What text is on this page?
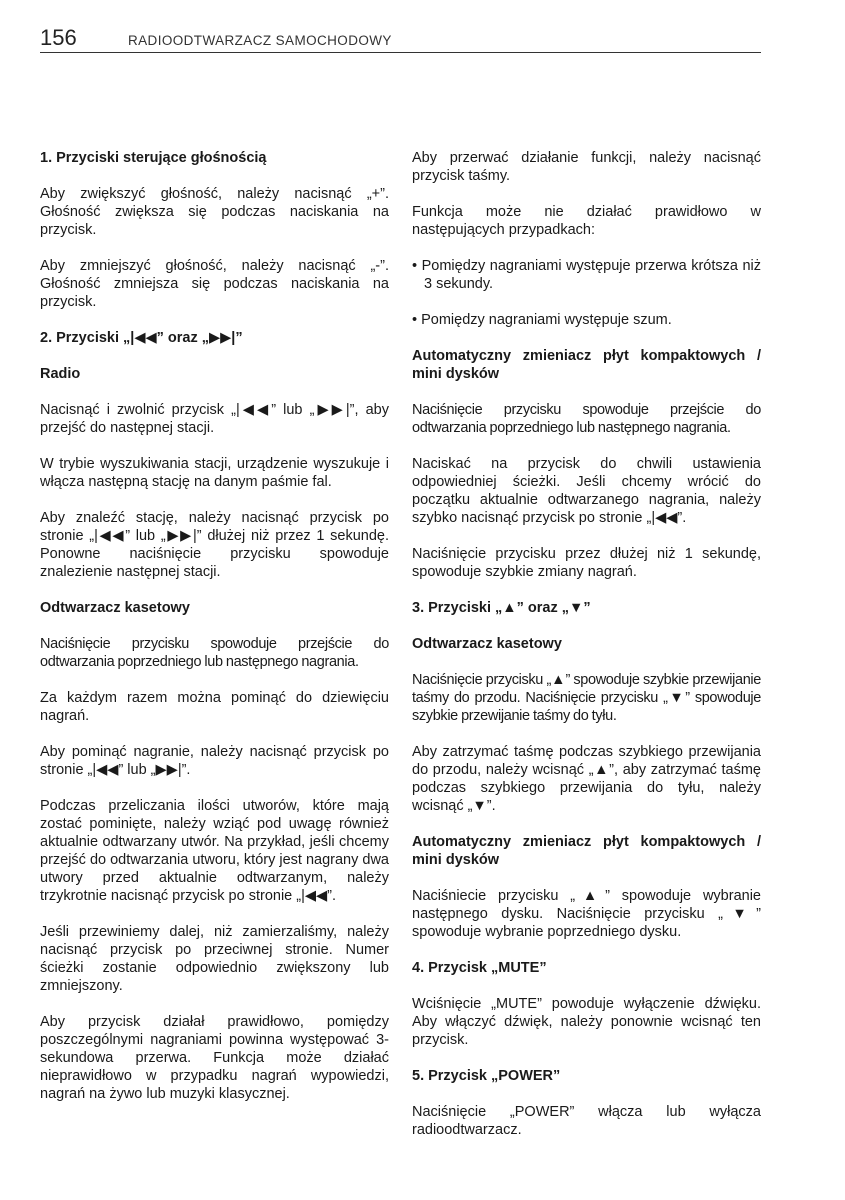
156	RADIOODTWARZACZ SAMOCHODOWY
1. Przyciski sterujące głośnością

Aby zwiększyć głośność, należy nacisnąć „+”. Głośność zwiększa się podczas naciskania na przycisk.

Aby zmniejszyć głośność, należy nacisnąć „-”. Głośność zmniejsza się podczas naciskania na przycisk.

2. Przyciski „|◀◀” oraz „▶▶|”
Radio

Nacisnąć i zwolnić przycisk „|◀◀” lub „▶▶|”, aby przejść do następnej stacji.

W trybie wyszukiwania stacji, urządzenie wyszukuje i włącza następną stację na danym paśmie fal.

Aby znaleźć stację, należy nacisnąć przycisk po stronie „|◀◀” lub „▶▶|” dłużej niż przez 1 sekundę. Ponowne naciśnięcie przycisku spowoduje znalezienie następnej stacji.

Odtwarzacz kasetowy

Naciśnięcie przycisku spowoduje przejście do odtwarzania poprzedniego lub następnego nagrania.

Za każdym razem można pominąć do dziewięciu nagrań.

Aby pominąć nagranie, należy nacisnąć przycisk po stronie „|◀◀” lub „▶▶|”.

Podczas przeliczania ilości utworów, które mają zostać pominięte, należy wziąć pod uwagę również aktualnie odtwarzany utwór. Na przykład, jeśli chcemy przejść do odtwarzania utworu, który jest nagrany dwa utwory przed aktualnie odtwarzanym, należy trzykrotnie nacisnąć przycisk po stronie „|◀◀”.

Jeśli przewiniemy dalej, niż zamierzaliśmy, należy nacisnąć przycisk po przeciwnej stronie. Numer ścieżki zostanie odpowiednio zwiększony lub zmniejszony.

Aby przycisk działał prawidłowo, pomiędzy poszczególnymi nagraniami powinna występować 3-sekundowa przerwa. Funkcja może działać nieprawidłowo w przypadku nagrań wypowiedzi, nagrań na żywo lub muzyki klasycznej.

Aby przerwać działanie funkcji, należy nacisnąć przycisk taśmy.

Funkcja może nie działać prawidłowo w następujących przypadkach:

• Pomiędzy nagraniami występuje przerwa krótsza niż 3 sekundy.
• Pomiędzy nagraniami występuje szum.
Automatyczny zmieniacz płyt kompaktowych / mini dysków

Naciśnięcie przycisku spowoduje przejście do odtwarzania poprzedniego lub następnego nagrania.

Naciskać na przycisk do chwili ustawienia odpowiedniej ścieżki. Jeśli chcemy wrócić do początku aktualnie odtwarzanego nagrania, należy szybko nacisnąć przycisk po stronie „|◀◀”.

Naciśnięcie przycisku przez dłużej niż 1 sekundę, spowoduje szybkie zmiany nagrań.

3. Przyciski „▲” oraz „▼”
Odtwarzacz kasetowy

Naciśnięcie przycisku „▲” spowoduje szybkie przewijanie taśmy do przodu. Naciśnięcie przycisku „▼” spowoduje szybkie przewijanie taśmy do tyłu.

Aby zatrzymać taśmę podczas szybkiego przewijania do przodu, należy wcisnąć „▲”, aby zatrzymać taśmę podczas szybkiego przewijania do tyłu, należy wcisnąć „▼”.

Automatyczny zmieniacz płyt kompaktowych / mini dysków

Naciśniecie przycisku „▲” spowoduje wybranie następnego dysku. Naciśnięcie przycisku „▼” spowoduje wybranie poprzedniego dysku.

4. Przycisk „MUTE”

Wciśnięcie „MUTE” powoduje wyłączenie dźwięku. Aby włączyć dźwięk, należy ponownie wcisnąć ten przycisk.

5. Przycisk „POWER”

Naciśnięcie „POWER” włącza lub wyłącza radioodtwarzacz.
